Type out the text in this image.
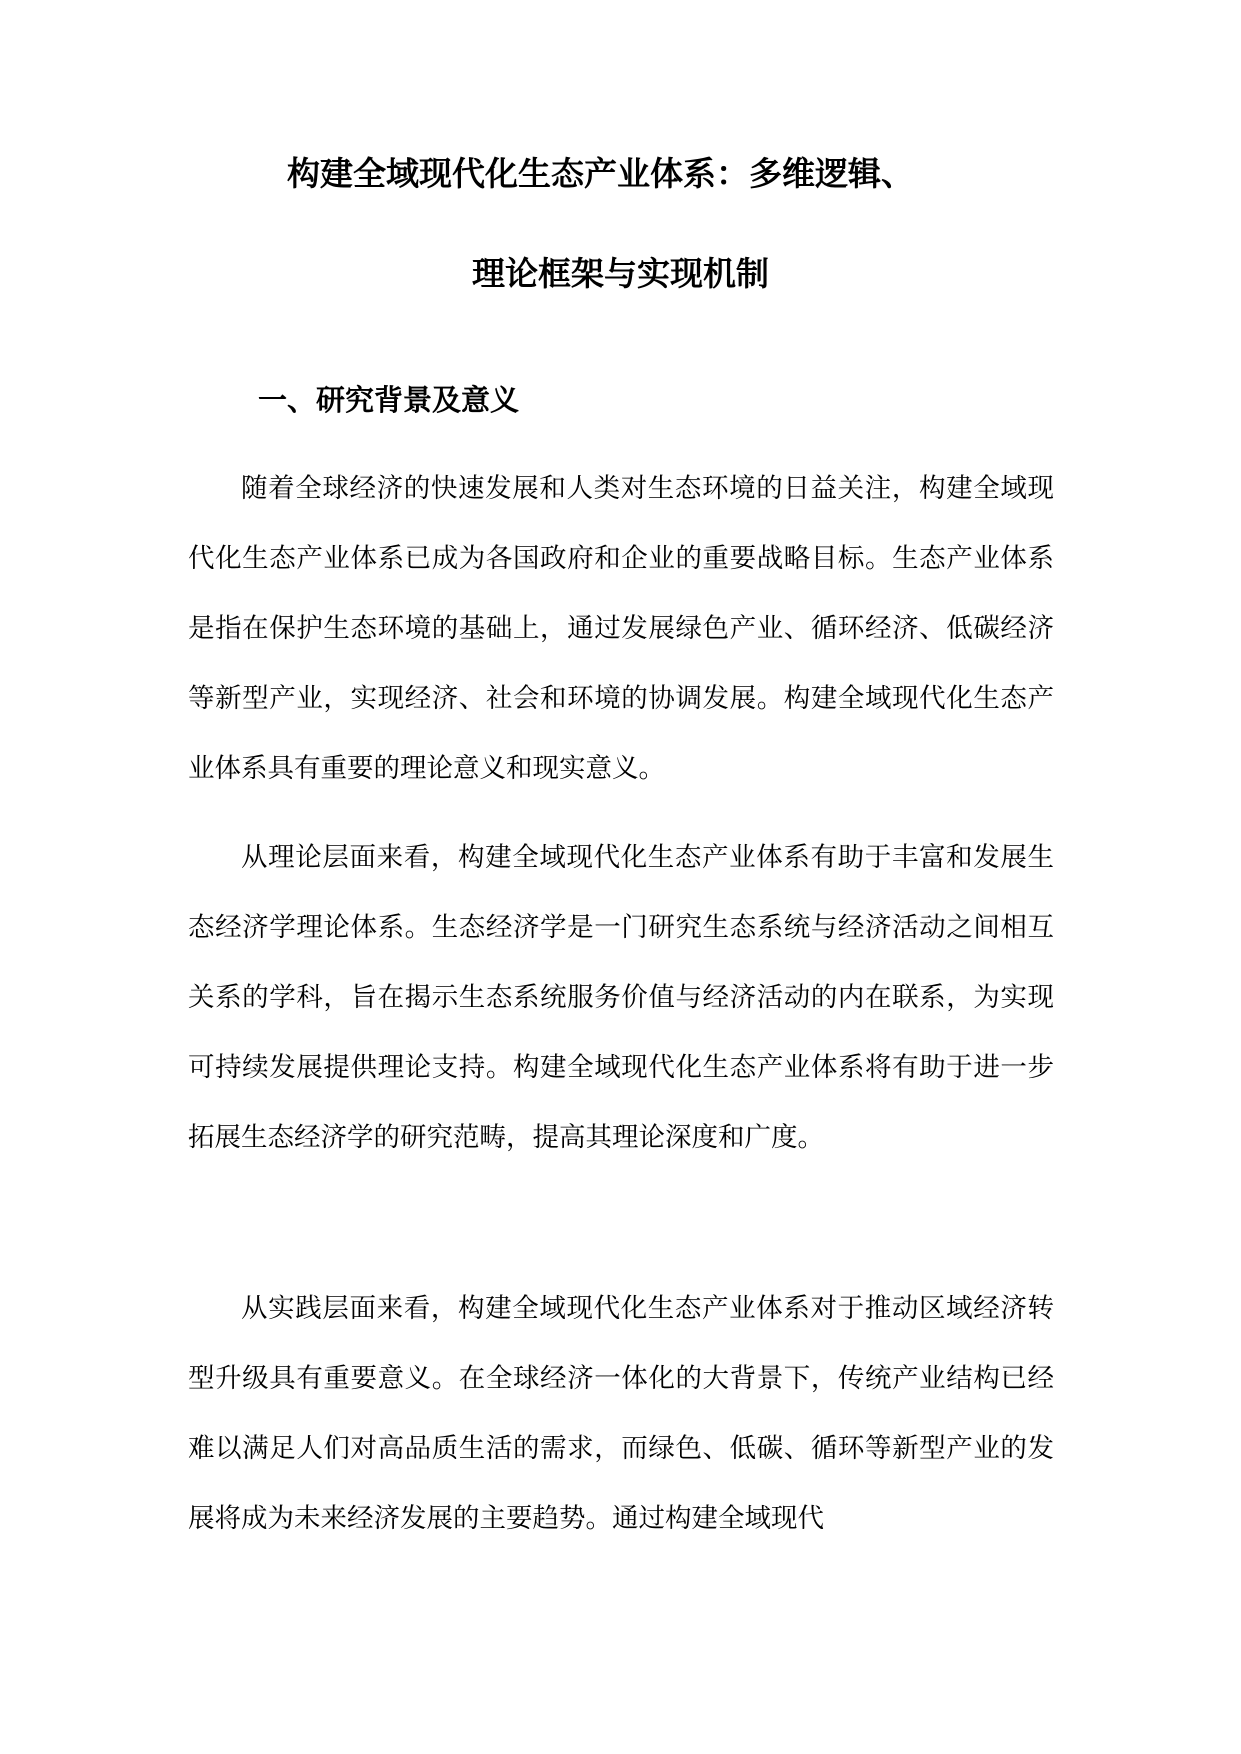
构建全域现代化生态产业体系：多维逻辑、
理论框架与实现机制
一、研究背景及意义

随着全球经济的快速发展和人类对生态环境的日益关注，构建全域现代化生态产业体系已成为各国政府和企业的重要战略目标。生态产业体系是指在保护生态环境的基础上，通过发展绿色产业、循环经济、低碳经济等新型产业，实现经济、社会和环境的协调发展。构建全域现代化生态产业体系具有重要的理论意义和现实意义。

从理论层面来看，构建全域现代化生态产业体系有助于丰富和发展生态经济学理论体系。生态经济学是一门研究生态系统与经济活动之间相互关系的学科，旨在揭示生态系统服务价值与经济活动的内在联系，为实现可持续发展提供理论支持。构建全域现代化生态产业体系将有助于进一步拓展生态经济学的研究范畴，提高其理论深度和广度。

从实践层面来看，构建全域现代化生态产业体系对于推动区域经济转型升级具有重要意义。在全球经济一体化的大背景下，传统产业结构已经难以满足人们对高品质生活的需求，而绿色、低碳、循环等新型产业的发展将成为未来经济发展的主要趋势。通过构建全域现代
